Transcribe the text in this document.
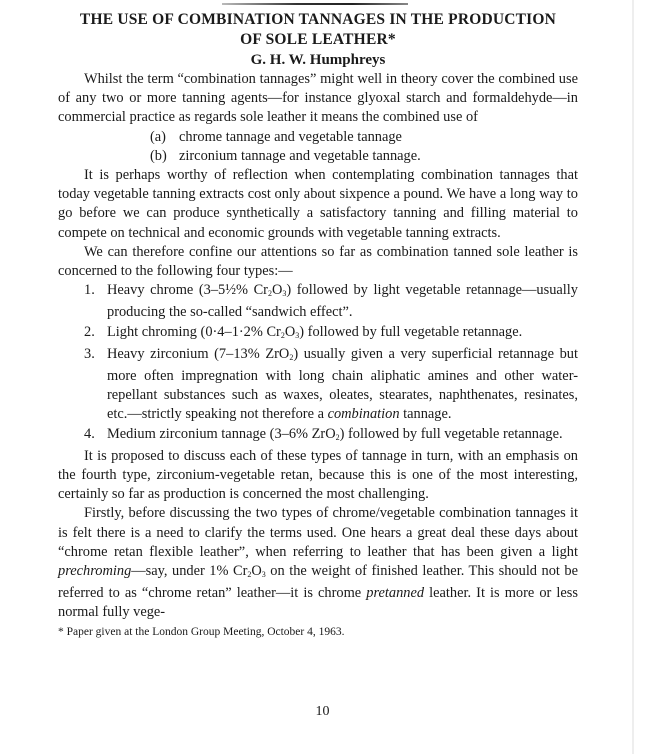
THE USE OF COMBINATION TANNAGES IN THE PRODUCTION
OF SOLE LEATHER*
G. H. W. Humphreys

Whilst the term “combination tannages” might well in theory cover the combined use of any two or more tanning agents—for instance glyoxal starch and formaldehyde—in commercial practice as regards sole leather it means the combined use of

(a) chrome tannage and vegetable tannage
(b) zirconium tannage and vegetable tannage.

It is perhaps worthy of reflection when contemplating combination tannages that today vegetable tanning extracts cost only about sixpence a pound. We have a long way to go before we can produce synthetically a satisfactory tanning and filling material to compete on technical and economic grounds with vegetable tanning extracts.

We can therefore confine our attentions so far as combination tanned sole leather is concerned to the following four types:—

1. Heavy chrome (3–5½% $Cr_2O_3$) followed by light vegetable retannage—usually producing the so-called “sandwich effect”.
2. Light chroming (0·4–1·2% $Cr_2O_3$) followed by full vegetable retannage.
3. Heavy zirconium (7–13% ZrO$_2$) usually given a very superficial retannage but more often impregnation with long chain aliphatic amines and other water-repellant substances such as waxes, oleates, stearates, naphthenates, resinates, etc.—strictly speaking not therefore a combination tannage.
4. Medium zirconium tannage (3–6% ZrO$_2$) followed by full vegetable retannage.

It is proposed to discuss each of these types of tannage in turn, with an emphasis on the fourth type, zirconium-vegetable retan, because this is one of the most interesting, certainly so far as production is concerned the most challenging.

Firstly, before discussing the two types of chrome/vegetable combination tannages it is felt there is a need to clarify the terms used. One hears a great deal these days about “chrome retan flexible leather”, when referring to leather that has been given a light prechroming—say, under 1% $Cr_2O_3$ on the weight of finished leather. This should not be referred to as “chrome retan” leather—it is chrome pretanned leather. It is more or less normal fully vege-

* Paper given at the London Group Meeting, October 4, 1963.
10
